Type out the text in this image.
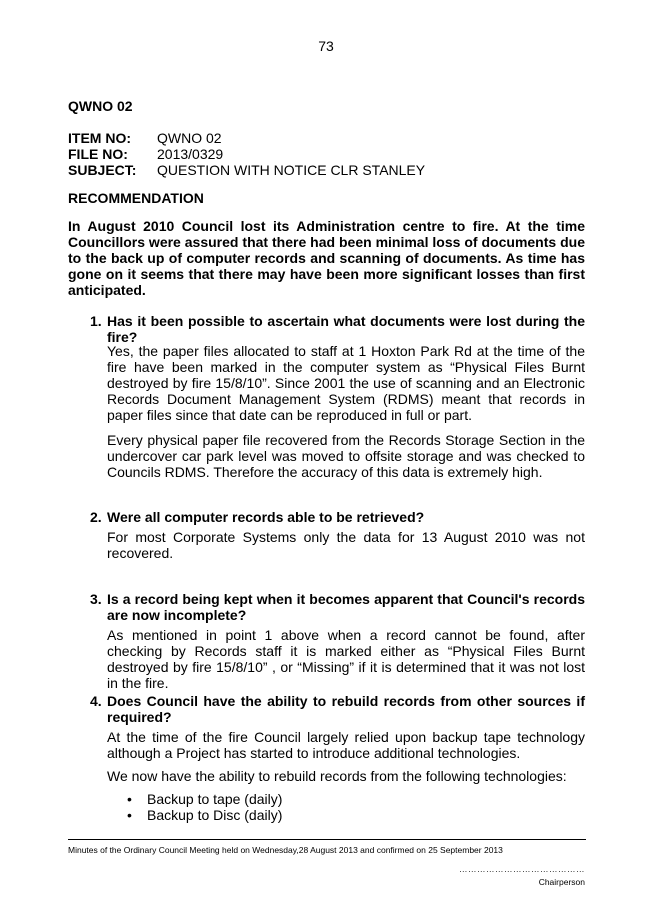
73
QWNO 02
ITEM NO:	QWNO 02
FILE NO:	2013/0329
SUBJECT:	QUESTION WITH NOTICE CLR STANLEY
RECOMMENDATION
In August 2010 Council lost its Administration centre to fire. At the time Councillors were assured that there had been minimal loss of documents due to the back up of computer records and scanning of documents. As time has gone on it seems that there may have been more significant losses than first anticipated.
1. Has it been possible to ascertain what documents were lost during the fire?
Yes, the paper files allocated to staff at 1 Hoxton Park Rd at the time of the fire have been marked in the computer system as “Physical Files Burnt destroyed by fire 15/8/10”. Since 2001 the use of scanning and an Electronic Records Document Management System (RDMS) meant that records in paper files since that date can be reproduced in full or part.
Every physical paper file recovered from the Records Storage Section in the undercover car park level was moved to offsite storage and was checked to Councils RDMS. Therefore the accuracy of this data is extremely high.
2. Were all computer records able to be retrieved?
For most Corporate Systems only the data for 13 August 2010 was not recovered.
3. Is a record being kept when it becomes apparent that Council's records are now incomplete?
As mentioned in point 1 above when a record cannot be found, after checking by Records staff it is marked either as “Physical Files Burnt destroyed by fire 15/8/10” , or “Missing” if it is determined that it was not lost in the fire.
4. Does Council have the ability to rebuild records from other sources if required?
At the time of the fire Council largely relied upon backup tape technology although a Project has started to introduce additional technologies.
We now have the ability to rebuild records from the following technologies:
•	Backup to tape (daily)
•	Backup to Disc (daily)
Minutes of the Ordinary Council Meeting held on Wednesday,28 August 2013 and confirmed on 25 September 2013
……………………………………
Chairperson
